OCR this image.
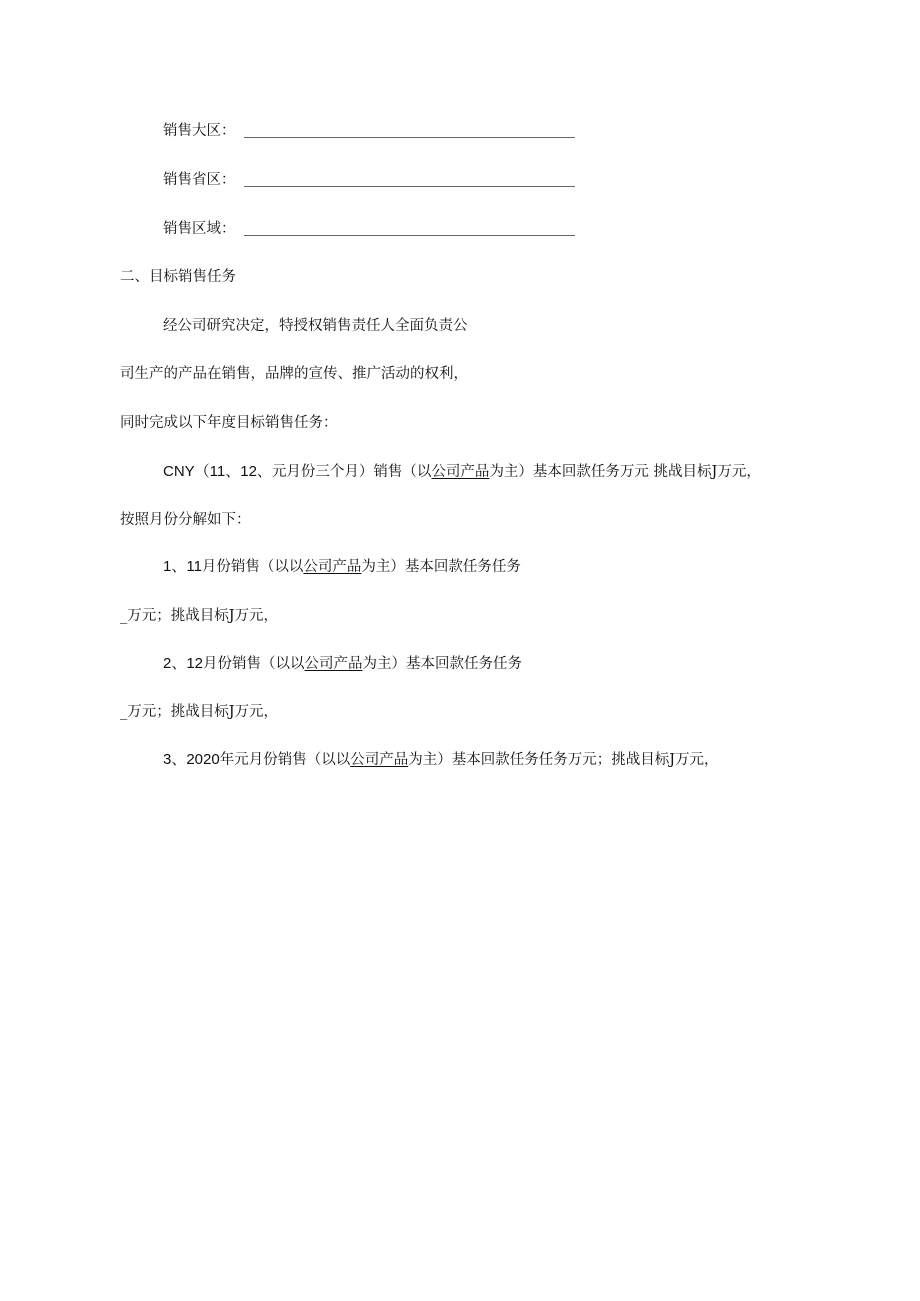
销售大区：
销售省区：
销售区域：
二、目标销售任务
经公司研究决定，特授权销售责任人全面负责公
司生产的产品在销售，品牌的宣传、推广活动的权利，
同时完成以下年度目标销售任务：
CNY（11、12、元月份三个月）销售（以公司产品为主）基本回款任务万元 挑战目标J万元，
按照月份分解如下：
1、11月份销售（以以公司产品为主）基本回款任务任务
_万元；挑战目标J万元，
2、12月份销售（以以公司产品为主）基本回款任务任务
_万元；挑战目标J万元，
3、2020年元月份销售（以以公司产品为主）基本回款任务任务万元；挑战目标J万元，
